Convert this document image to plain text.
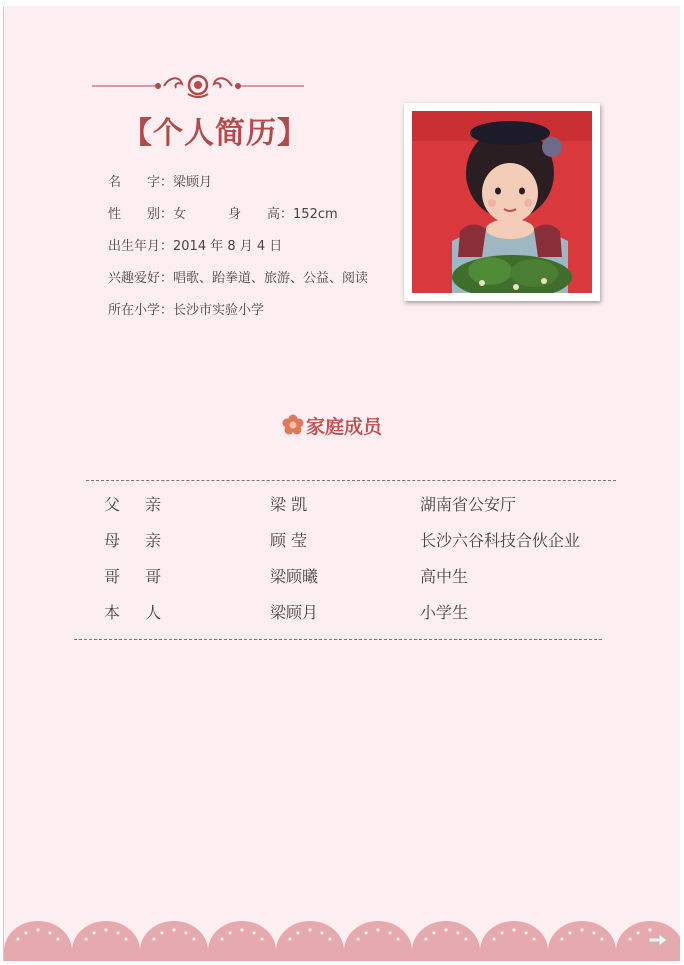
【个人简历】
名　　字：梁顾月
性　　别：女	身　　高：152cm
出生年月：2014 年 8 月 4 日
兴趣爱好：唱歌、跆拳道、旅游、公益、阅读
所在小学：长沙市实验小学
家庭成员
父 亲	梁 凯	湖南省公安厅
母 亲	顾 莹	长沙六谷科技合伙企业
哥 哥	梁顾曦	高中生
本 人	梁顾月	小学生
